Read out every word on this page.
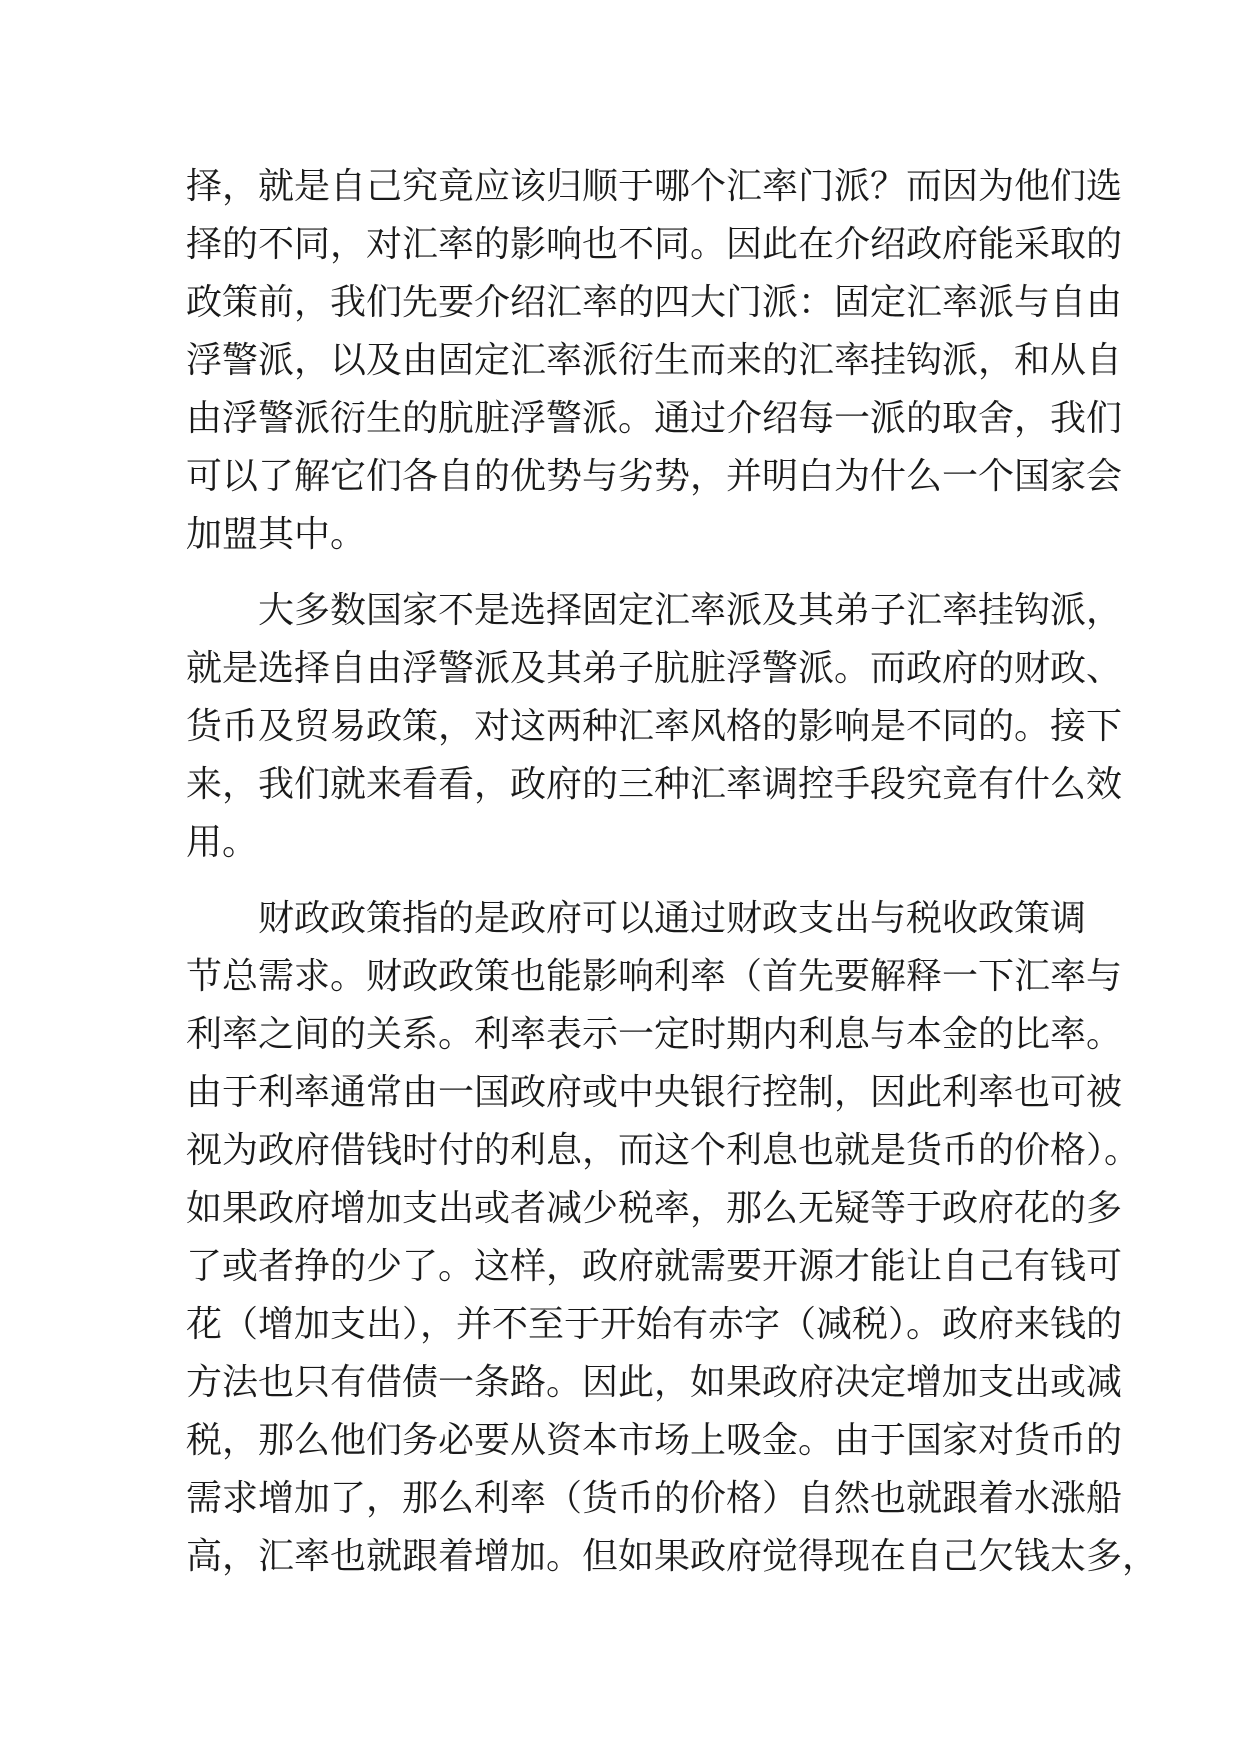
择，就是自己究竟应该归顺于哪个汇率门派？而因为他们选
择的不同，对汇率的影响也不同。因此在介绍政府能采取的
政策前，我们先要介绍汇率的四大门派：固定汇率派与自由
浮警派，以及由固定汇率派衍生而来的汇率挂钩派，和从自
由浮警派衍生的肮脏浮警派。通过介绍每一派的取舍，我们
可以了解它们各自的优势与劣势，并明白为什么一个国家会
加盟其中。
　　大多数国家不是选择固定汇率派及其弟子汇率挂钩派，
就是选择自由浮警派及其弟子肮脏浮警派。而政府的财政、
货币及贸易政策，对这两种汇率风格的影响是不同的。接下
来，我们就来看看，政府的三种汇率调控手段究竟有什么效
用。
　　财政政策指的是政府可以通过财政支出与税收政策调
节总需求。财政政策也能影响利率（首先要解释一下汇率与
利率之间的关系。利率表示一定时期内利息与本金的比率。
由于利率通常由一国政府或中央银行控制，因此利率也可被
视为政府借钱时付的利息，而这个利息也就是货币的价格）。
如果政府增加支出或者减少税率，那么无疑等于政府花的多
了或者挣的少了。这样，政府就需要开源才能让自己有钱可
花（增加支出），并不至于开始有赤字（减税）。政府来钱的
方法也只有借债一条路。因此，如果政府决定增加支出或减
税，那么他们务必要从资本市场上吸金。由于国家对货币的
需求增加了，那么利率（货币的价格）自然也就跟着水涨船
高，汇率也就跟着增加。但如果政府觉得现在自己欠钱太多，
